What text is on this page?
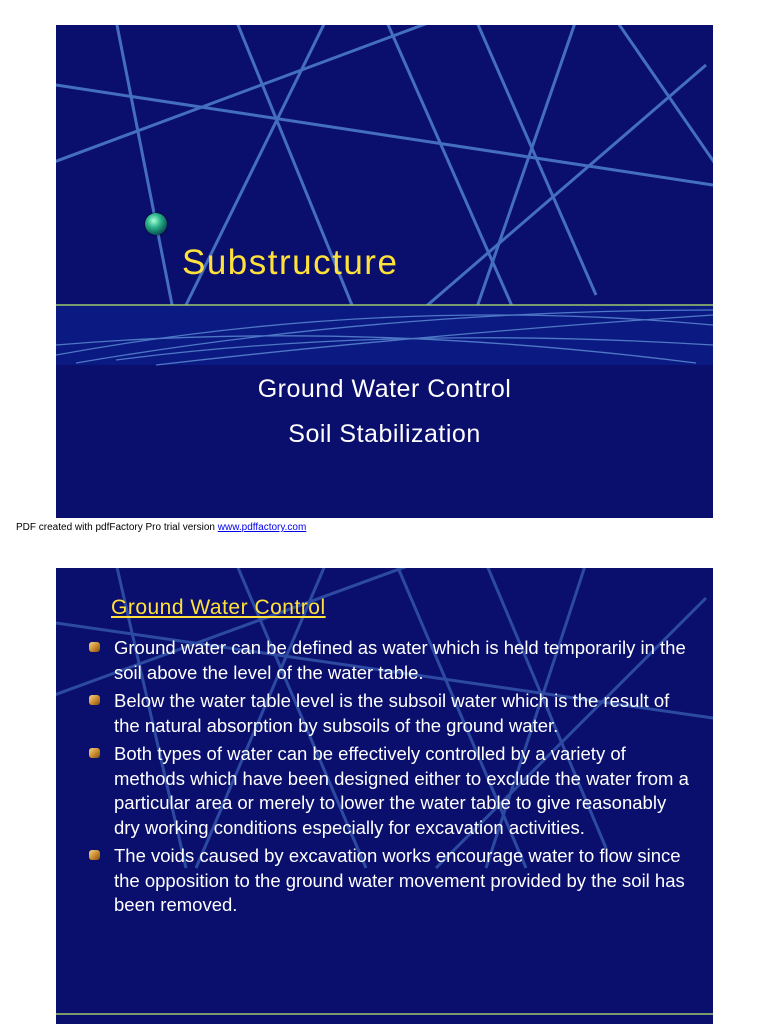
Substructure
Ground Water Control
Soil Stabilization
PDF created with pdfFactory Pro trial version www.pdffactory.com
Ground Water Control
Ground water can be defined as water which is held temporarily in the soil above the level of the water table.
Below the water table level is the subsoil water which is the result of the natural absorption by subsoils of the ground water.
Both types of water can be effectively controlled by a variety of methods which have been designed either to exclude the water from a particular area or merely to lower the water table to give reasonably dry working conditions especially for excavation activities.
The voids caused by excavation works encourage water to flow since the opposition to the ground water movement provided by the soil has been removed.
